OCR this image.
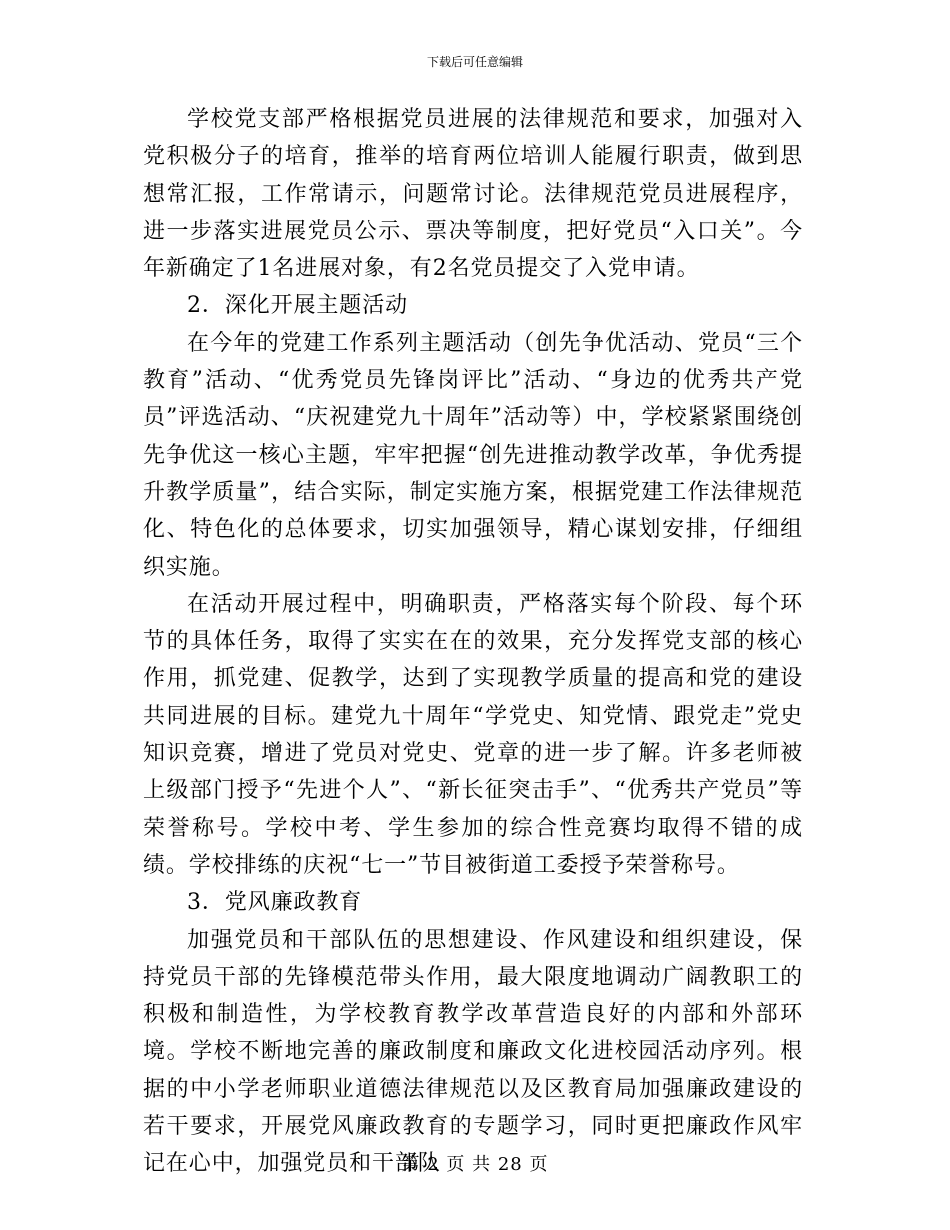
下载后可任意编辑

学校党支部严格根据党员进展的法律规范和要求，加强对入党积极分子的培育，推举的培育两位培训人能履行职责，做到思想常汇报，工作常请示，问题常讨论。法律规范党员进展程序，进一步落实进展党员公示、票决等制度，把好党员“入口关”。今年新确定了1名进展对象，有2名党员提交了入党申请。

2．深化开展主题活动

在今年的党建工作系列主题活动（创先争优活动、党员“三个教育”活动、“优秀党员先锋岗评比”活动、“身边的优秀共产党员”评选活动、“庆祝建党九十周年”活动等）中，学校紧紧围绕创先争优这一核心主题，牢牢把握“创先进推动教学改革，争优秀提升教学质量”，结合实际，制定实施方案，根据党建工作法律规范化、特色化的总体要求，切实加强领导，精心谋划安排，仔细组织实施。

在活动开展过程中，明确职责，严格落实每个阶段、每个环节的具体任务，取得了实实在在的效果，充分发挥党支部的核心作用，抓党建、促教学，达到了实现教学质量的提高和党的建设共同进展的目标。建党九十周年“学党史、知党情、跟党走”党史知识竞赛，增进了党员对党史、党章的进一步了解。许多老师被上级部门授予“先进个人”、“新长征突击手”、“优秀共产党员”等荣誉称号。学校中考、学生参加的综合性竞赛均取得不错的成绩。学校排练的庆祝“七一”节目被街道工委授予荣誉称号。

3．党风廉政教育

加强党员和干部队伍的思想建设、作风建设和组织建设，保持党员干部的先锋模范带头作用，最大限度地调动广阔教职工的积极和制造性，为学校教育教学改革营造良好的内部和外部环境。学校不断地完善的廉政制度和廉政文化进校园活动序列。根据的中小学老师职业道德法律规范以及区教育局加强廉政建设的若干要求，开展党风廉政教育的专题学习，同时更把廉政作风牢记在心中，加强党员和干部队

第 2 页 共 28 页
